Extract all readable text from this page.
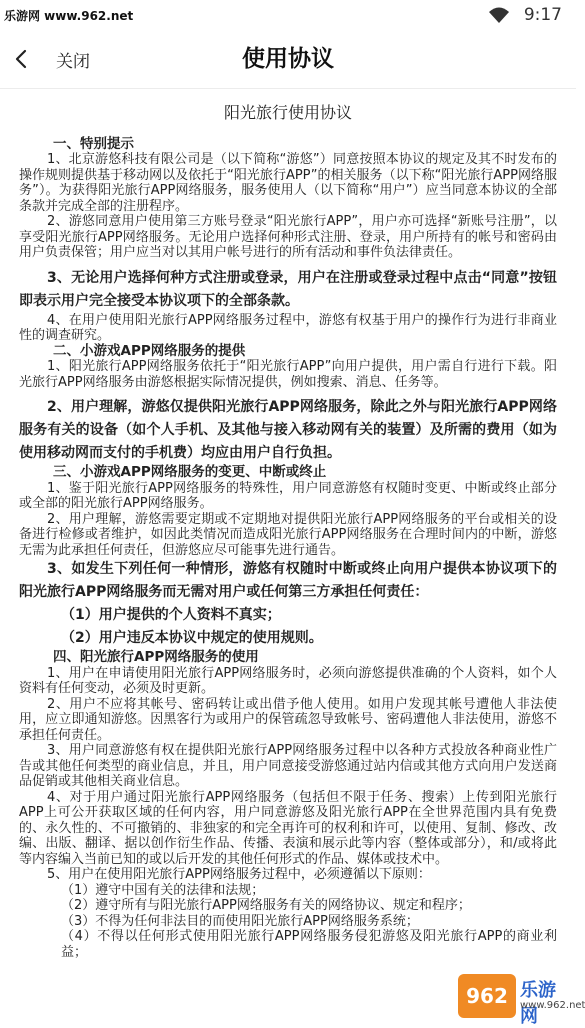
乐游网 www.962.net	9:17
关闭	使用协议
阳光旅行使用协议

一、特别提示

1、北京游悠科技有限公司是（以下简称“游悠”）同意按照本协议的规定及其不时发布的操作规则提供基于移动网以及依托于“阳光旅行APP”的相关服务（以下称“阳光旅行APP网络服务”）。为获得阳光旅行APP网络服务，服务使用人（以下简称“用户”）应当同意本协议的全部条款并完成全部的注册程序。

2、游悠同意用户使用第三方账号登录“阳光旅行APP”，用户亦可选择“新账号注册”，以享受阳光旅行APP网络服务。无论用户选择何种形式注册、登录，用户所持有的帐号和密码由用户负责保管；用户应当对以其用户帐号进行的所有活动和事件负法律责任。

3、无论用户选择何种方式注册或登录，用户在注册或登录过程中点击“同意”按钮即表示用户完全接受本协议项下的全部条款。

4、在用户使用阳光旅行APP网络服务过程中，游悠有权基于用户的操作行为进行非商业性的调查研究。

二、小游戏APP网络服务的提供

1、阳光旅行APP网络服务依托于“阳光旅行APP”向用户提供，用户需自行进行下载。阳光旅行APP网络服务由游悠根据实际情况提供，例如搜索、消息、任务等。

2、用户理解，游悠仅提供阳光旅行APP网络服务，除此之外与阳光旅行APP网络服务有关的设备（如个人手机、及其他与接入移动网有关的装置）及所需的费用（如为使用移动网而支付的手机费）均应由用户自行负担。

三、小游戏APP网络服务的变更、中断或终止

1、鉴于阳光旅行APP网络服务的特殊性，用户同意游悠有权随时变更、中断或终止部分或全部的阳光旅行APP网络服务。

2、用户理解，游悠需要定期或不定期地对提供阳光旅行APP网络服务的平台或相关的设备进行检修或者维护，如因此类情况而造成阳光旅行APP网络服务在合理时间内的中断，游悠无需为此承担任何责任，但游悠应尽可能事先进行通告。

3、如发生下列任何一种情形，游悠有权随时中断或终止向用户提供本协议项下的阳光旅行APP网络服务而无需对用户或任何第三方承担任何责任：

（1）用户提供的个人资料不真实；

（2）用户违反本协议中规定的使用规则。

四、阳光旅行APP网络服务的使用

1、用户在申请使用阳光旅行APP网络服务时，必须向游悠提供准确的个人资料，如个人资料有任何变动，必须及时更新。

2、用户不应将其帐号、密码转让或出借予他人使用。如用户发现其帐号遭他人非法使用，应立即通知游悠。因黑客行为或用户的保管疏忽导致帐号、密码遭他人非法使用，游悠不承担任何责任。

3、用户同意游悠有权在提供阳光旅行APP网络服务过程中以各种方式投放各种商业性广告或其他任何类型的商业信息，并且，用户同意接受游悠通过站内信或其他方式向用户发送商品促销或其他相关商业信息。

4、对于用户通过阳光旅行APP网络服务（包括但不限于任务、搜索）上传到阳光旅行APP上可公开获取区域的任何内容，用户同意游悠及阳光旅行APP在全世界范围内具有免费的、永久性的、不可撤销的、非独家的和完全再许可的权利和许可，以使用、复制、修改、改编、出版、翻译、据以创作衍生作品、传播、表演和展示此等内容（整体或部分），和/或将此等内容编入当前已知的或以后开发的其他任何形式的作品、媒体或技术中。

5、用户在使用阳光旅行APP网络服务过程中，必须遵循以下原则：

（1）遵守中国有关的法律和法规；

（2）遵守所有与阳光旅行APP网络服务有关的网络协议、规定和程序；

（3）不得为任何非法目的而使用阳光旅行APP网络服务系统；

（4）不得以任何形式使用阳光旅行APP网络服务侵犯游悠及阳光旅行APP的商业利益；

962 乐游网
www.962.net
